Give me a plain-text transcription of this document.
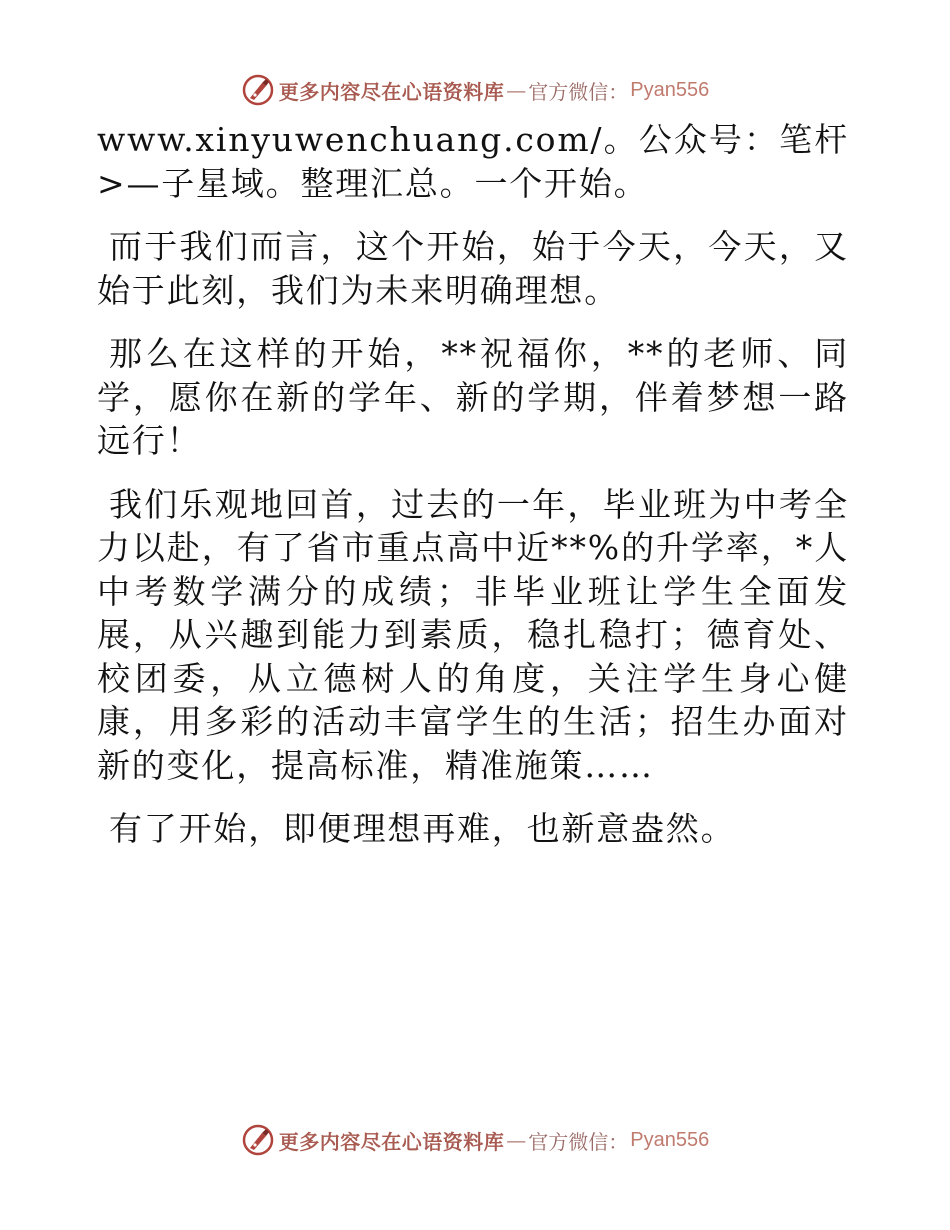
更多内容尽在心语资料库 — 官方微信： Pyan556

www.xinyuwenchuang.com/。公众号：笔杆>—子星域。整理汇总。一个开始。

而于我们而言，这个开始，始于今天，今天，又始于此刻，我们为未来明确理想。

那么在这样的开始，**祝福你，**的老师、同学，愿你在新的学年、新的学期，伴着梦想一路远行！

我们乐观地回首，过去的一年，毕业班为中考全力以赴，有了省市重点高中近**%的升学率，*人中考数学满分的成绩；非毕业班让学生全面发展，从兴趣到能力到素质，稳扎稳打；德育处、校团委，从立德树人的角度，关注学生身心健康，用多彩的活动丰富学生的生活；招生办面对新的变化，提高标准，精准施策……

有了开始，即便理想再难，也新意盎然。

更多内容尽在心语资料库 — 官方微信： Pyan556
